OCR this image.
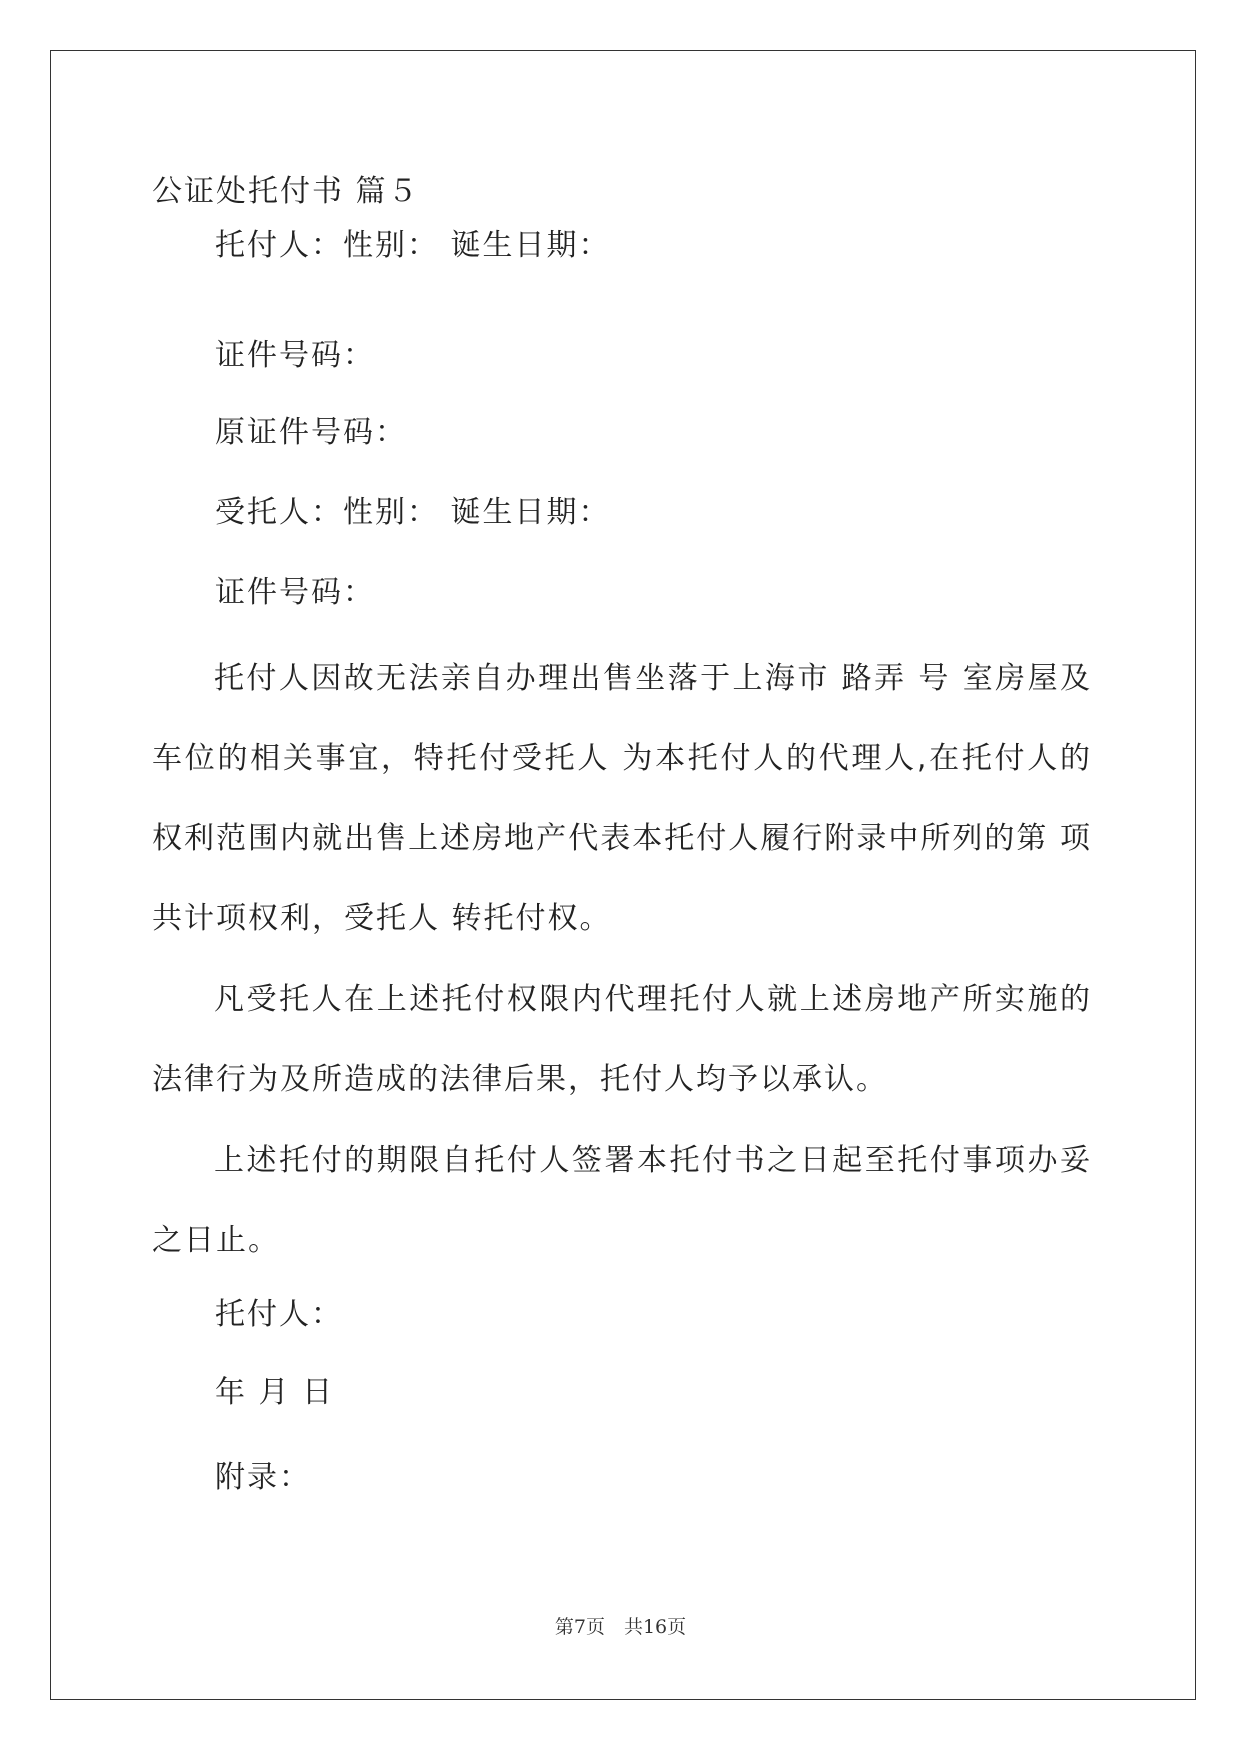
公证处托付书 篇５
托付人：性别： 诞生日期：
证件号码：
原证件号码：
受托人：性别： 诞生日期：
证件号码：

托付人因故无法亲自办理出售坐落于上海市 路弄 号 室房屋及车位的相关事宜，特托付受托人 为本托付人的代理人,在托付人的权利范围内就出售上述房地产代表本托付人履行附录中所列的第 项共计项权利，受托人 转托付权。

凡受托人在上述托付权限内代理托付人就上述房地产所实施的法律行为及所造成的法律后果，托付人均予以承认。

上述托付的期限自托付人签署本托付书之日起至托付事项办妥之日止。

托付人：
年 月 日
附录：
第7页　共16页
